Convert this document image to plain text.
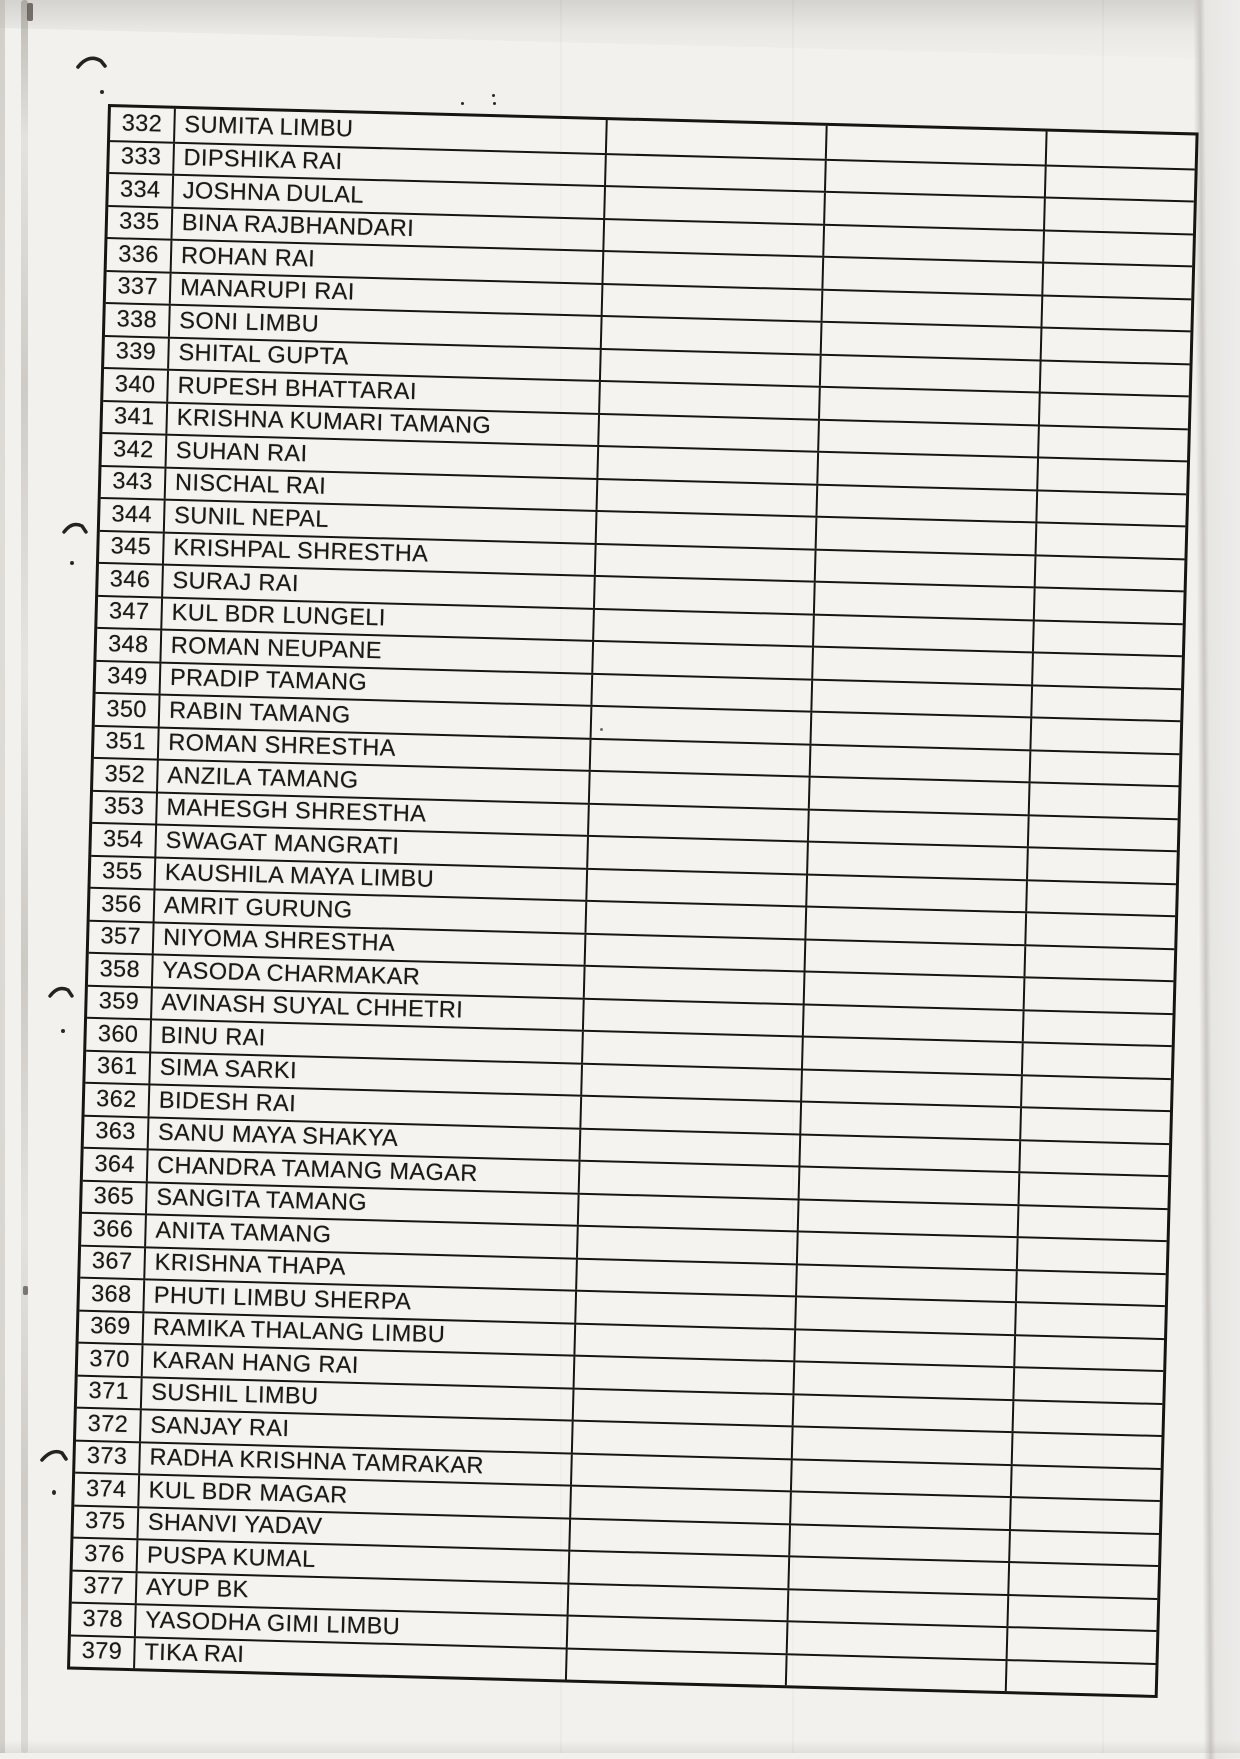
332 SUMITA LIMBU
333 DIPSHIKA RAI
334 JOSHNA DULAL
335 BINA RAJBHANDARI
336 ROHAN RAI
337 MANARUPI RAI
338 SONI LIMBU
339 SHITAL GUPTA
340 RUPESH BHATTARAI
341 KRISHNA KUMARI TAMANG
342 SUHAN RAI
343 NISCHAL RAI
344 SUNIL NEPAL
345 KRISHPAL SHRESTHA
346 SURAJ RAI
347 KUL BDR LUNGELI
348 ROMAN NEUPANE
349 PRADIP TAMANG
350 RABIN TAMANG
351 ROMAN SHRESTHA
352 ANZILA TAMANG
353 MAHESGH SHRESTHA
354 SWAGAT MANGRATI
355 KAUSHILA MAYA LIMBU
356 AMRIT GURUNG
357 NIYOMA SHRESTHA
358 YASODA CHARMAKAR
359 AVINASH SUYAL CHHETRI
360 BINU RAI
361 SIMA SARKI
362 BIDESH RAI
363 SANU MAYA SHAKYA
364 CHANDRA TAMANG MAGAR
365 SANGITA TAMANG
366 ANITA TAMANG
367 KRISHNA THAPA
368 PHUTI LIMBU SHERPA
369 RAMIKA THALANG LIMBU
370 KARAN HANG RAI
371 SUSHIL LIMBU
372 SANJAY RAI
373 RADHA KRISHNA TAMRAKAR
374 KUL BDR MAGAR
375 SHANVI YADAV
376 PUSPA KUMAL
377 AYUP BK
378 YASODHA GIMI LIMBU
379 TIKA RAI
